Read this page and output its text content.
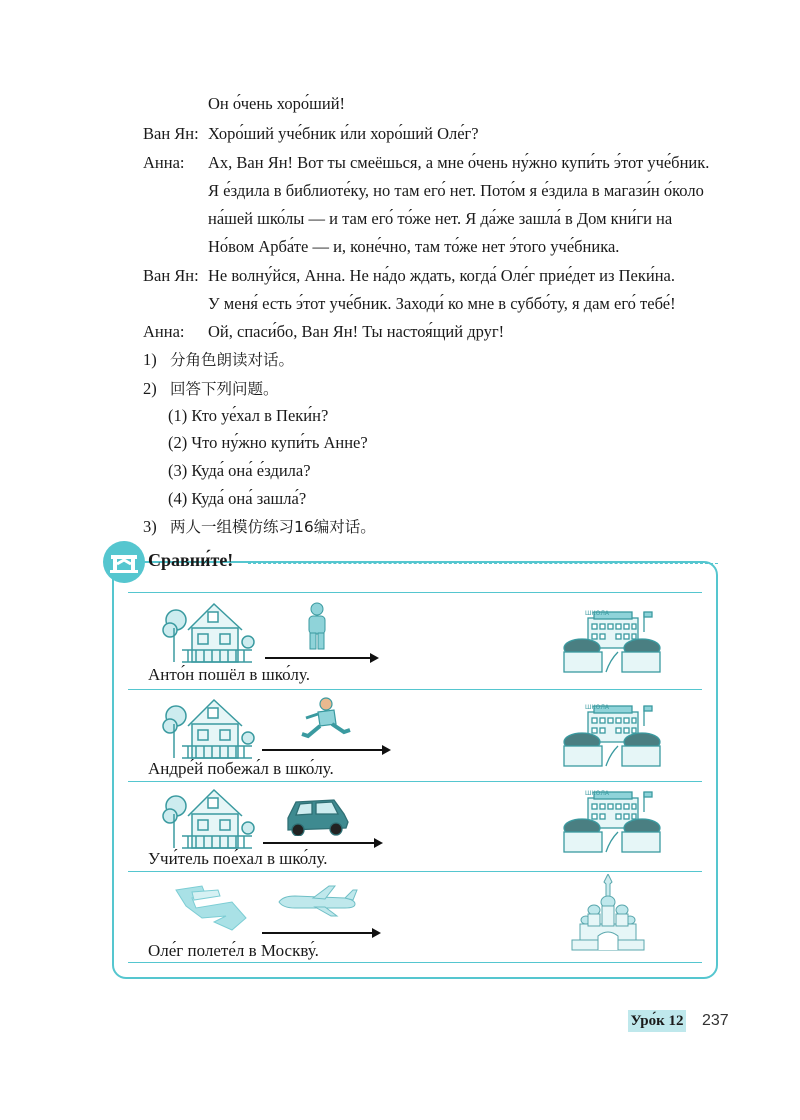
Он о́чень хоро́ший!
Ван Ян: Хоро́ший уче́бник и́ли хоро́ший Оле́г?
Анна: Ах, Ван Ян! Вот ты смеёшься, а мне о́чень ну́жно купи́ть э́тот уче́бник.
Я е́здила в библиоте́ку, но там его́ нет. Пото́м я е́здила в магази́н о́коло
на́шей шко́лы — и там его́ то́же нет. Я да́же зашла́ в Дом кни́ги на
Но́вом Арба́те — и, коне́чно, там то́же нет э́того уче́бника.
Ван Ян: Не волну́йся, Анна. Не на́до ждать, когда́ Оле́г прие́дет из Пеки́на.
У меня́ есть э́тот уче́бник. Заходи́ ко мне в суббо́ту, я дам его́ тебе́!
Анна: Ой, спаси́бо, Ван Ян! Ты настоя́щий друг!
1) 分角色朗读对话。
2) 回答下列问题。
(1) Кто уе́хал в Пеки́н?
(2) Что ну́жно купи́ть Анне?
(3) Куда́ она́ е́здила?
(4) Куда́ она́ зашла́?
3) 两人一组模仿练习16编对话。
Сравни́те!
ШКОЛА
Анто́н пошёл в шко́лу.
ШКОЛА
Андре́й побежа́л в шко́лу.
ШКОЛА
Учи́тель пое́хал в шко́лу.
Оле́г полете́л в Москву́.
Уро́к 12 237
